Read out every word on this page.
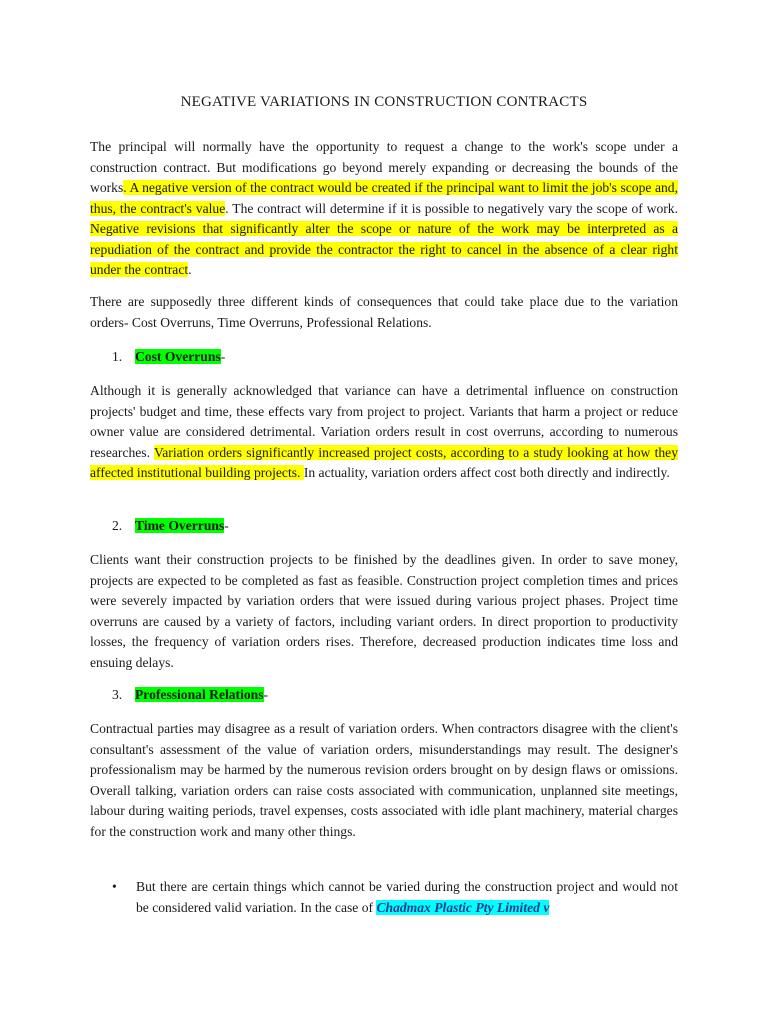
NEGATIVE VARIATIONS IN CONSTRUCTION CONTRACTS
The principal will normally have the opportunity to request a change to the work's scope under a construction contract. But modifications go beyond merely expanding or decreasing the bounds of the works. A negative version of the contract would be created if the principal want to limit the job's scope and, thus, the contract's value. The contract will determine if it is possible to negatively vary the scope of work. Negative revisions that significantly alter the scope or nature of the work may be interpreted as a repudiation of the contract and provide the contractor the right to cancel in the absence of a clear right under the contract.
There are supposedly three different kinds of consequences that could take place due to the variation orders- Cost Overruns, Time Overruns, Professional Relations.
1. Cost Overruns-
Although it is generally acknowledged that variance can have a detrimental influence on construction projects' budget and time, these effects vary from project to project. Variants that harm a project or reduce owner value are considered detrimental. Variation orders result in cost overruns, according to numerous researches. Variation orders significantly increased project costs, according to a study looking at how they affected institutional building projects. In actuality, variation orders affect cost both directly and indirectly.
2. Time Overruns-
Clients want their construction projects to be finished by the deadlines given. In order to save money, projects are expected to be completed as fast as feasible. Construction project completion times and prices were severely impacted by variation orders that were issued during various project phases. Project time overruns are caused by a variety of factors, including variant orders. In direct proportion to productivity losses, the frequency of variation orders rises. Therefore, decreased production indicates time loss and ensuing delays.
3. Professional Relations-
Contractual parties may disagree as a result of variation orders. When contractors disagree with the client's consultant's assessment of the value of variation orders, misunderstandings may result. The designer's professionalism may be harmed by the numerous revision orders brought on by design flaws or omissions. Overall talking, variation orders can raise costs associated with communication, unplanned site meetings, labour during waiting periods, travel expenses, costs associated with idle plant machinery, material charges for the construction work and many other things.
• But there are certain things which cannot be varied during the construction project and would not be considered valid variation. In the case of Chadmax Plastic Pty Limited v
